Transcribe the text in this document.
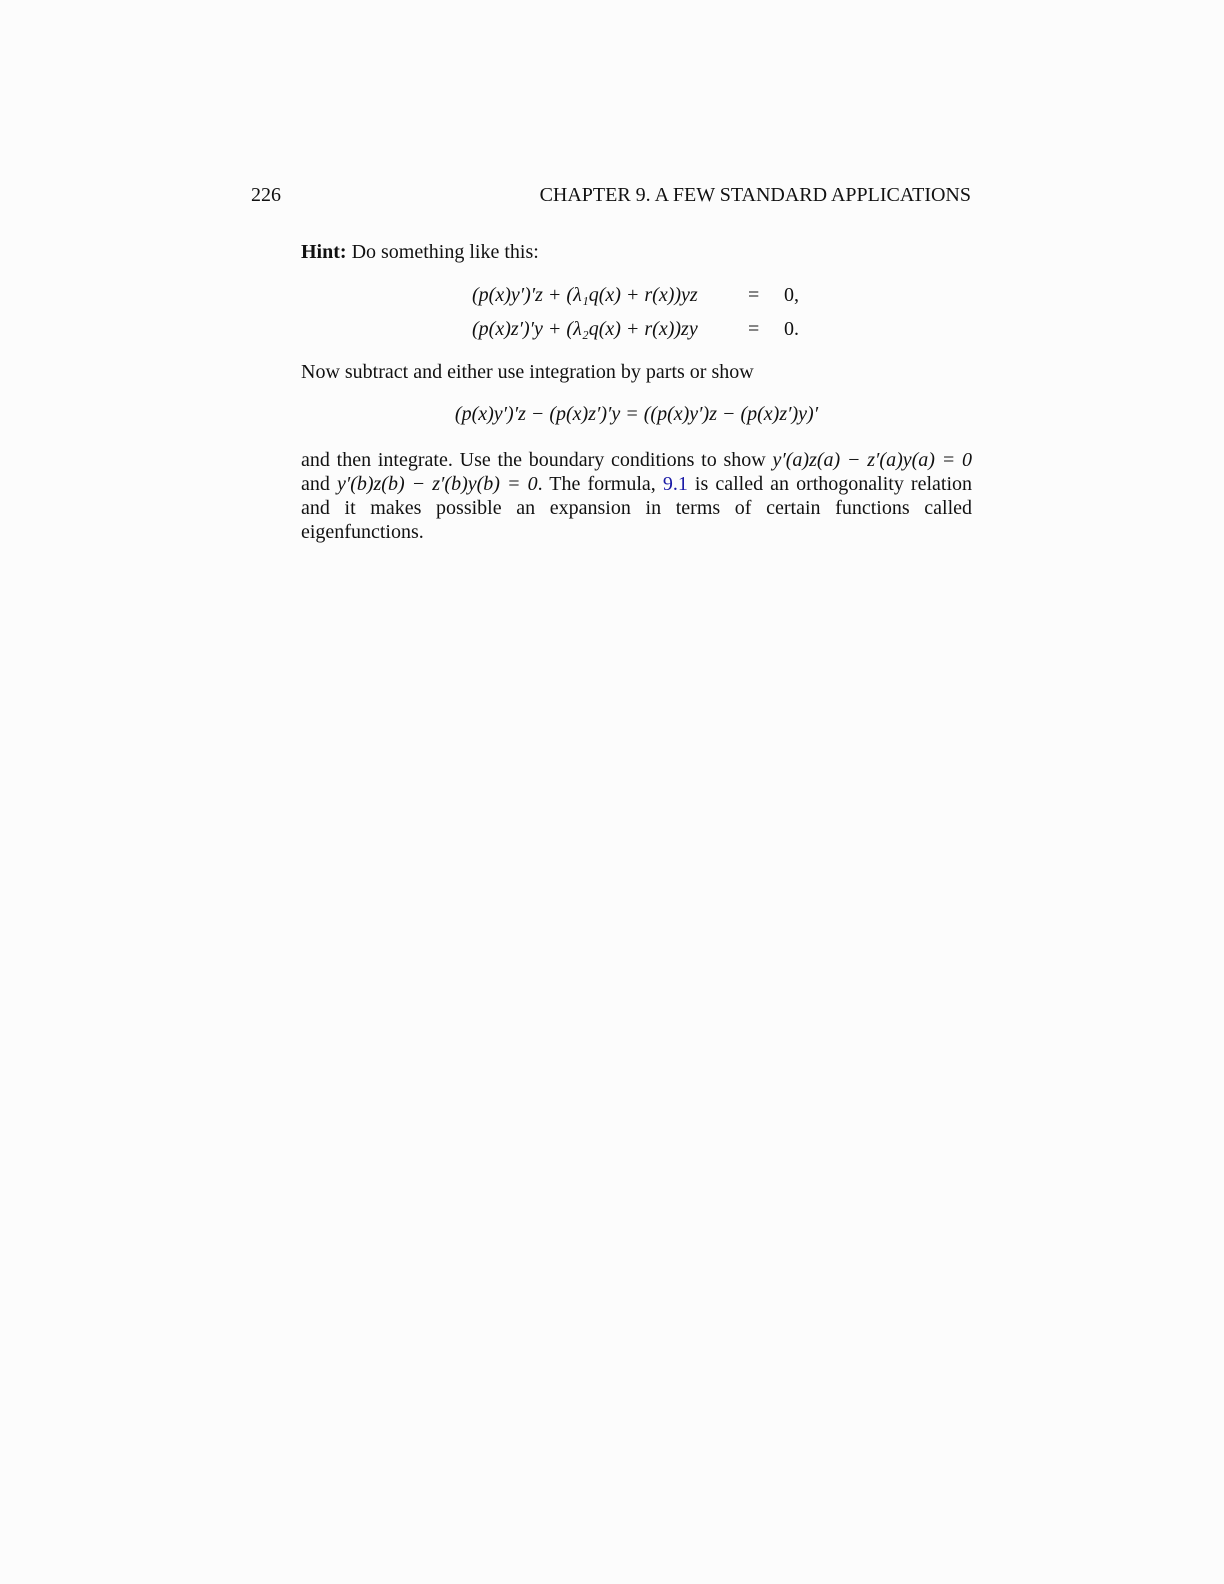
226	CHAPTER 9. A FEW STANDARD APPLICATIONS
Hint: Do something like this:
(p(x)y′)′z + (λ₁q(x) + r(x))yz	= 0,
(p(x)z′)′y + (λ₂q(x) + r(x))zy	= 0.
Now subtract and either use integration by parts or show
(p(x)y′)′z − (p(x)z′)′y = ((p(x)y′)z − (p(x)z′)y)′
and then integrate. Use the boundary conditions to show y′(a)z(a) − z′(a)y(a) = 0 and y′(b)z(b) − z′(b)y(b) = 0. The formula, 9.1 is called an orthogonality relation and it makes possible an expansion in terms of certain functions called eigenfunctions.
